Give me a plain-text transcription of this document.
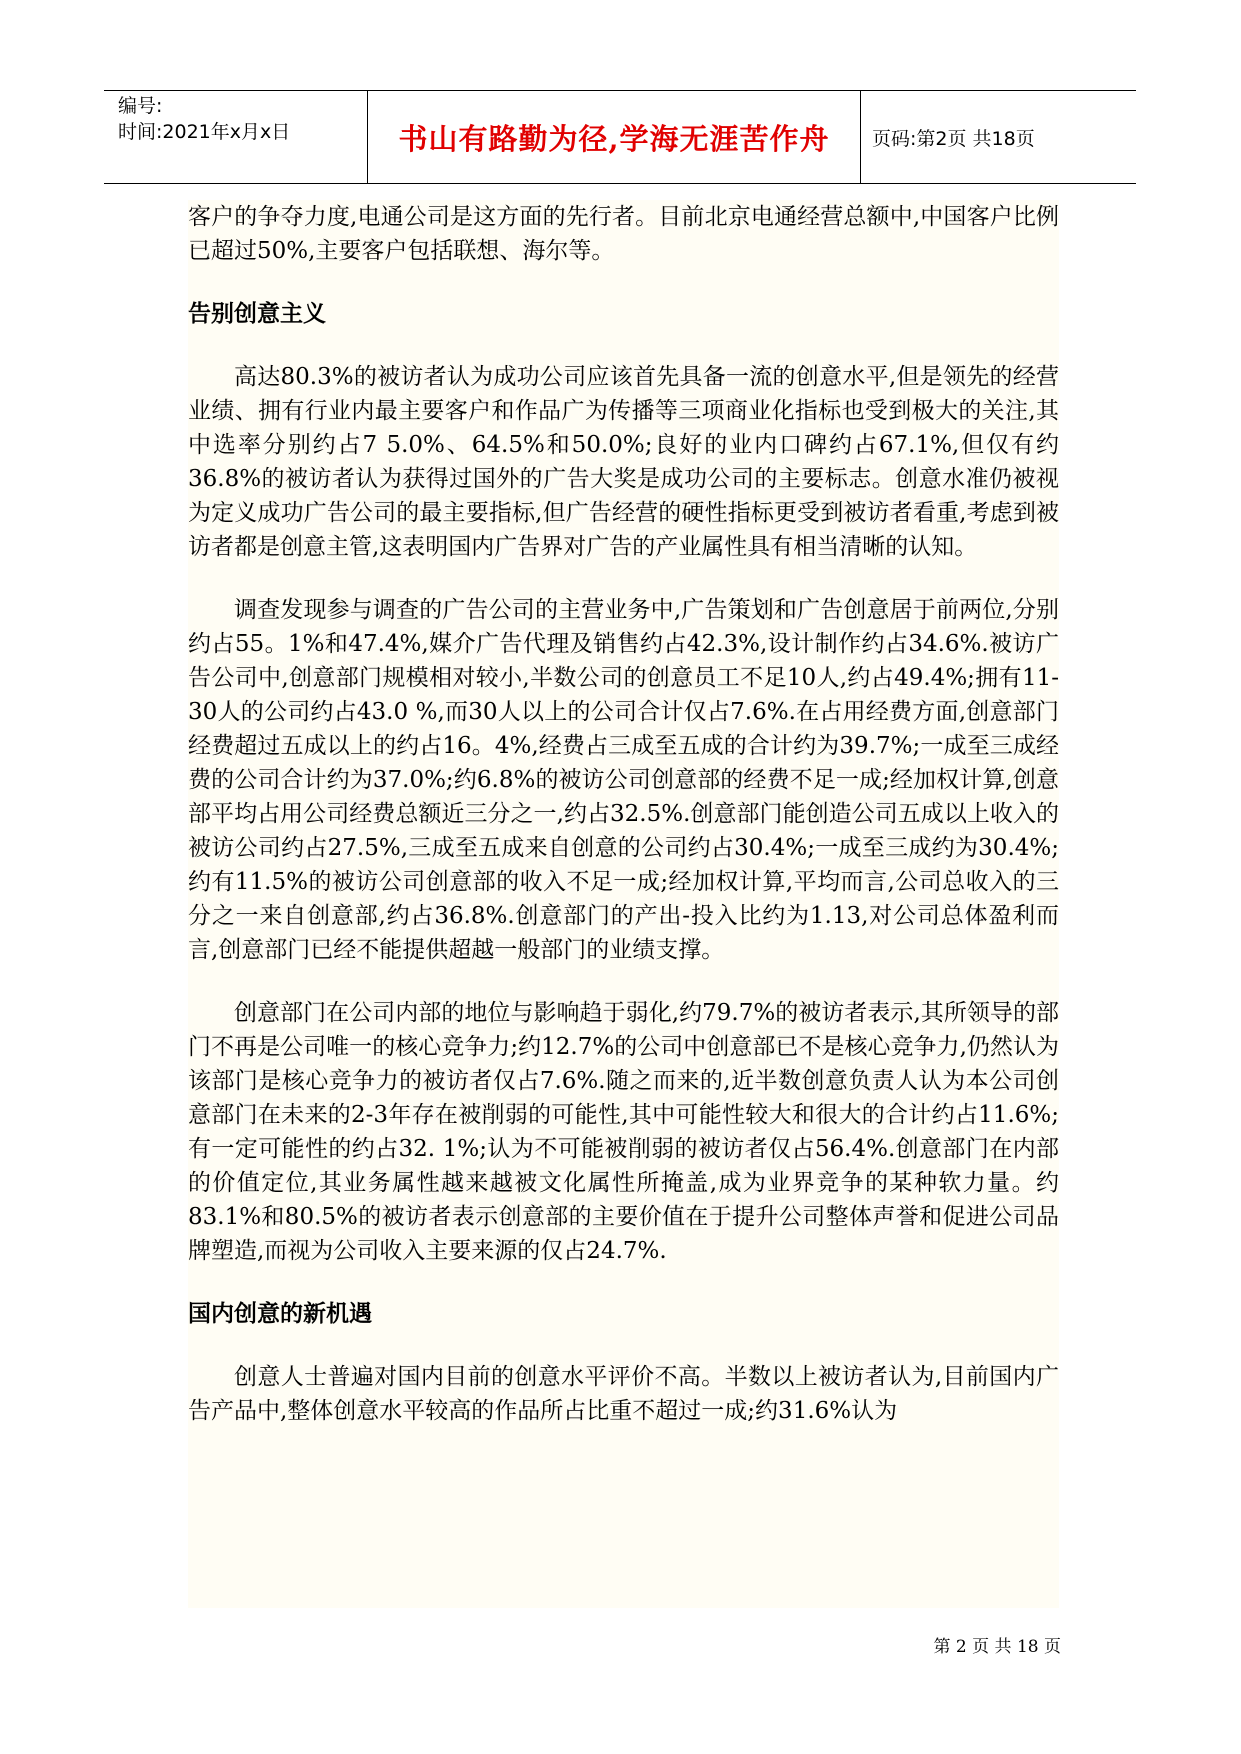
编号:
时间:2021年x月x日	书山有路勤为径,学海无涯苦作舟 页码:第2页 共18页

客户的争夺力度,电通公司是这方面的先行者。目前北京电通经营总额中,中国客户比例已超过50%,主要客户包括联想、海尔等。

告别创意主义

高达80.3%的被访者认为成功公司应该首先具备一流的创意水平,但是领先的经营业绩、拥有行业内最主要客户和作品广为传播等三项商业化指标也受到极大的关注,其中选率分别约占7 5.0%、64.5%和50.0%;良好的业内口碑约占67.1%,但仅有约36.8%的被访者认为获得过国外的广告大奖是成功公司的主要标志。创意水准仍被视为定义成功广告公司的最主要指标,但广告经营的硬性指标更受到被访者看重,考虑到被访者都是创意主管,这表明国内广告界对广告的产业属性具有相当清晰的认知。

调查发现参与调查的广告公司的主营业务中,广告策划和广告创意居于前两位,分别约占55。1%和47.4%,媒介广告代理及销售约占42.3%,设计制作约占34.6%.被访广告公司中,创意部门规模相对较小,半数公司的创意员工不足10人,约占49.4%;拥有11-30人的公司约占43.0 %,而30人以上的公司合计仅占7.6%.在占用经费方面,创意部门经费超过五成以上的约占16。4%,经费占三成至五成的合计约为39.7%;一成至三成经费的公司合计约为37.0%;约6.8%的被访公司创意部的经费不足一成;经加权计算,创意部平均占用公司经费总额近三分之一,约占32.5%.创意部门能创造公司五成以上收入的被访公司约占27.5%,三成至五成来自创意的公司约占30.4%;一成至三成约为30.4%;约有11.5%的被访公司创意部的收入不足一成;经加权计算,平均而言,公司总收入的三分之一来自创意部,约占36.8%.创意部门的产出-投入比约为1.13,对公司总体盈利而言,创意部门已经不能提供超越一般部门的业绩支撑。

创意部门在公司内部的地位与影响趋于弱化,约79.7%的被访者表示,其所领导的部门不再是公司唯一的核心竞争力;约12.7%的公司中创意部已不是核心竞争力,仍然认为该部门是核心竞争力的被访者仅占7.6%.随之而来的,近半数创意负责人认为本公司创意部门在未来的2-3年存在被削弱的可能性,其中可能性较大和很大的合计约占11.6%;有一定可能性的约占32. 1%;认为不可能被削弱的被访者仅占56.4%.创意部门在内部的价值定位,其业务属性越来越被文化属性所掩盖,成为业界竞争的某种软力量。约83.1%和80.5%的被访者表示创意部的主要价值在于提升公司整体声誉和促进公司品牌塑造,而视为公司收入主要来源的仅占24.7%.

国内创意的新机遇

创意人士普遍对国内目前的创意水平评价不高。半数以上被访者认为,目前国内广告产品中,整体创意水平较高的作品所占比重不超过一成;约31.6%认为

第 2 页 共 18 页
